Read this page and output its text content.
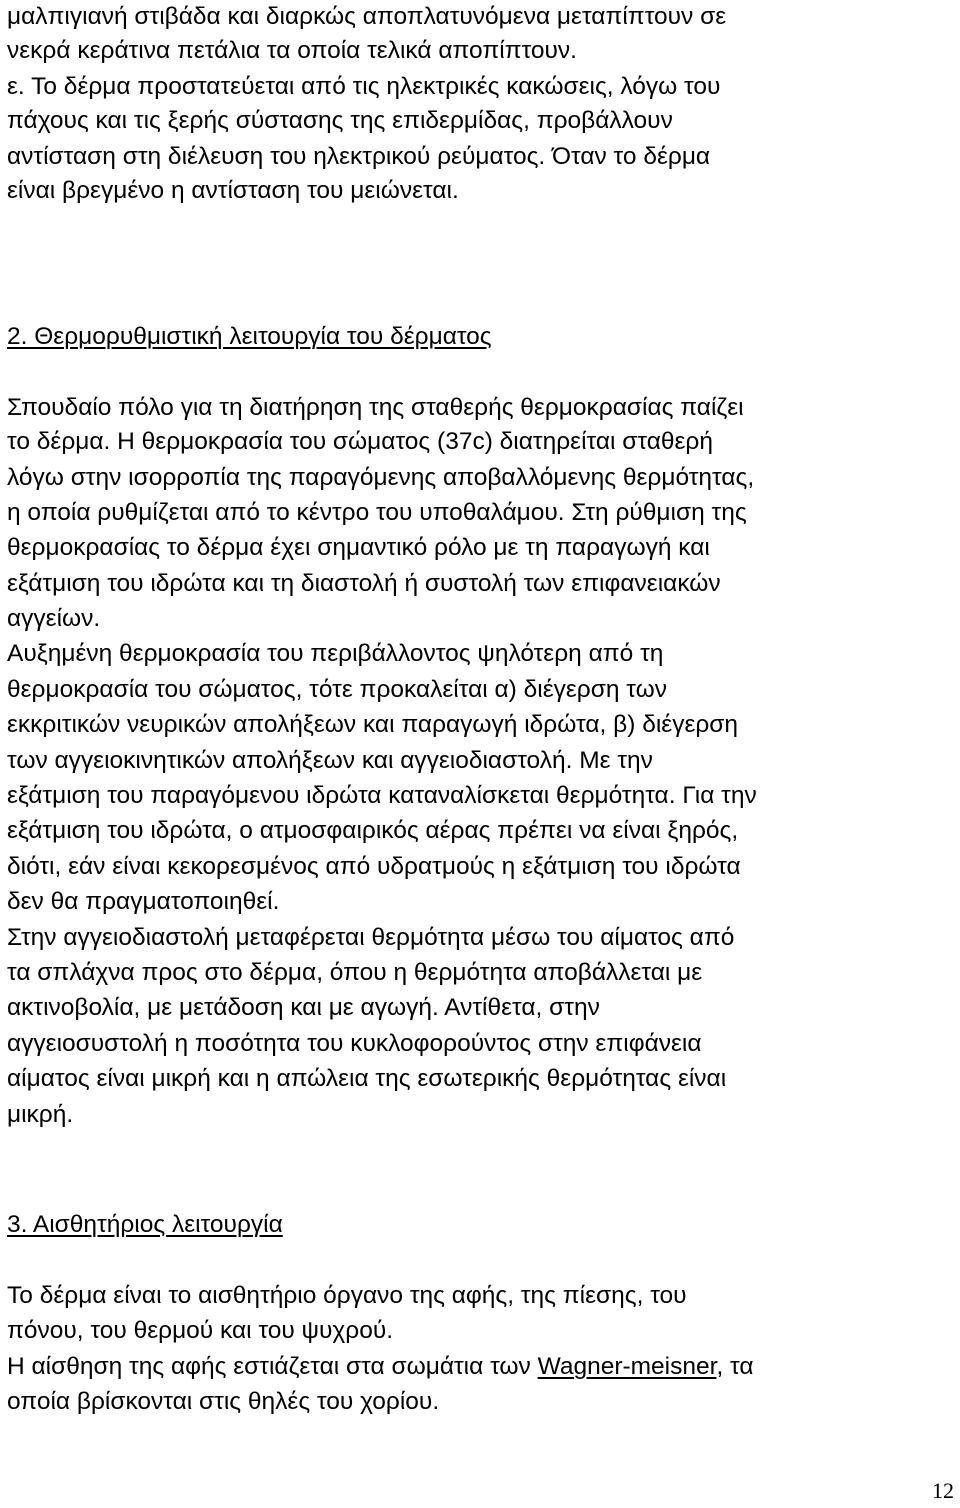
μαλπιγιανή στιβάδα και διαρκώς αποπλατυνόμενα μεταπίπτουν σε

νεκρά κεράτινα πετάλια τα οποία τελικά αποπίπτουν.

ε. Το δέρμα προστατεύεται από τις ηλεκτρικές κακώσεις, λόγω του

πάχους και τις ξερής σύστασης της επιδερμίδας, προβάλλουν

αντίσταση στη διέλευση του ηλεκτρικού ρεύματος. Όταν το δέρμα

είναι βρεγμένο η αντίσταση του μειώνεται.

2. Θερμορυθμιστική λειτουργία του δέρματος

Σπουδαίο πόλο για τη διατήρηση της σταθερής θερμοκρασίας παίζει

το δέρμα. Η θερμοκρασία του σώματος (37c) διατηρείται σταθερή

λόγω στην ισορροπία της παραγόμενης αποβαλλόμενης θερμότητας,

η οποία ρυθμίζεται από το κέντρο του υποθαλάμου. Στη ρύθμιση της

θερμοκρασίας το δέρμα έχει σημαντικό ρόλο με τη παραγωγή και

εξάτμιση του ιδρώτα και τη διαστολή ή συστολή των επιφανειακών

αγγείων.

Αυξημένη θερμοκρασία του περιβάλλοντος ψηλότερη από τη

θερμοκρασία του σώματος, τότε προκαλείται α) διέγερση των

εκκριτικών νευρικών απολήξεων και παραγωγή ιδρώτα, β) διέγερση

των αγγειοκινητικών απολήξεων και αγγειοδιαστολή. Με την

εξάτμιση του παραγόμενου ιδρώτα καταναλίσκεται θερμότητα. Για την

εξάτμιση του ιδρώτα, ο ατμοσφαιρικός αέρας πρέπει να είναι ξηρός,

διότι, εάν είναι κεκορεσμένος από υδρατμούς η εξάτμιση του ιδρώτα

δεν θα πραγματοποιηθεί.

Στην αγγειοδιαστολή μεταφέρεται θερμότητα μέσω του αίματος από

τα σπλάχνα προς στο δέρμα, όπου η θερμότητα αποβάλλεται με

ακτινοβολία, με μετάδοση και με αγωγή. Αντίθετα, στην

αγγειοσυστολή η ποσότητα του κυκλοφορούντος στην επιφάνεια

αίματος είναι μικρή και η απώλεια της εσωτερικής θερμότητας είναι

μικρή.

3. Αισθητήριος λειτουργία

Το δέρμα είναι το αισθητήριο όργανο της αφής, της πίεσης, του

πόνου, του θερμού και του ψυχρού.

Η αίσθηση της αφής εστιάζεται στα σωμάτια των Wagner-meisner, τα

οποία βρίσκονται στις θηλές του χορίου.

12
